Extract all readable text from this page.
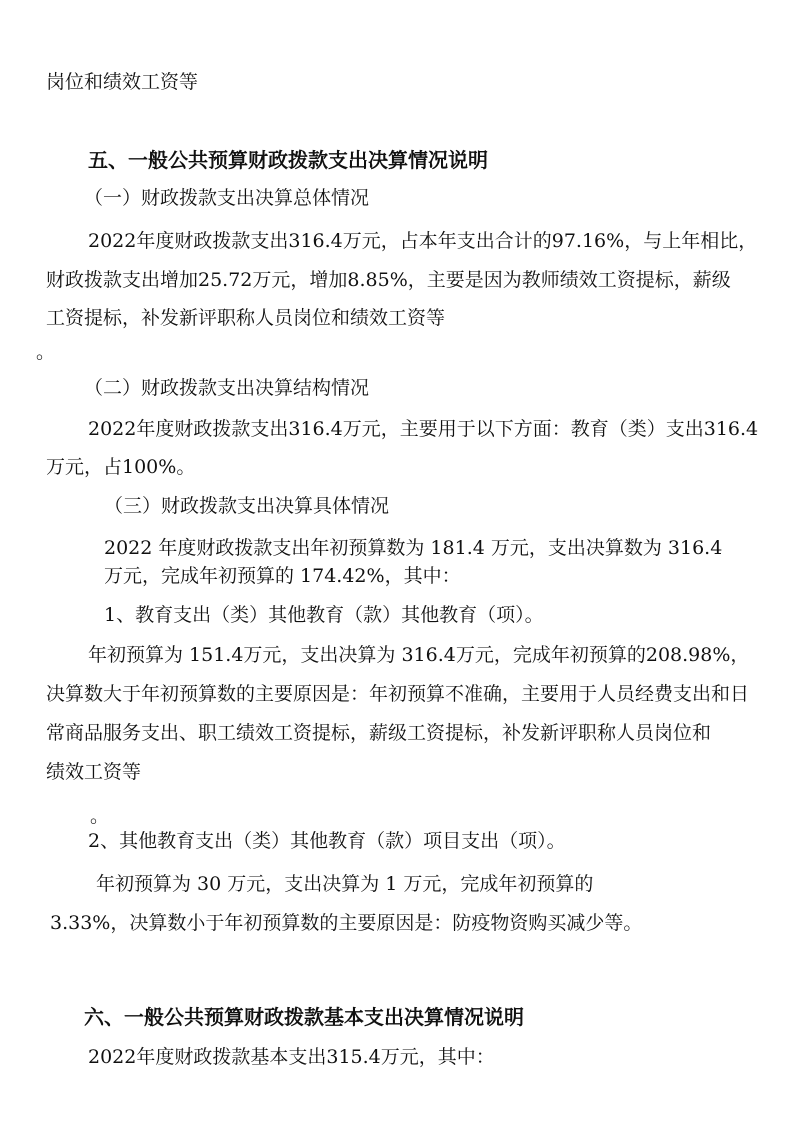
岗位和绩效工资等
五、一般公共预算财政拨款支出决算情况说明
（一）财政拨款支出决算总体情况
2022年度财政拨款支出316.4万元，占本年支出合计的97.16%，与上年相比，
财政拨款支出增加25.72万元，增加8.85%，主要是因为教师绩效工资提标，薪级
工资提标，补发新评职称人员岗位和绩效工资等
。
（二）财政拨款支出决算结构情况
2022年度财政拨款支出316.4万元，主要用于以下方面：教育（类）支出316.4
万元，占100%。
（三）财政拨款支出决算具体情况
2022 年度财政拨款支出年初预算数为 181.4 万元，支出决算数为 316.4
万元，完成年初预算的 174.42%，其中：
1、教育支出（类）其他教育（款）其他教育（项）。
年初预算为 151.4万元，支出决算为 316.4万元，完成年初预算的208.98%，
决算数大于年初预算数的主要原因是：年初预算不准确，主要用于人员经费支出和日
常商品服务支出、职工绩效工资提标，薪级工资提标，补发新评职称人员岗位和
绩效工资等
。
2、其他教育支出（类）其他教育（款）项目支出（项）。
年初预算为 30 万元，支出决算为 1 万元，完成年初预算的
3.33%，决算数小于年初预算数的主要原因是：防疫物资购买减少等。
六、一般公共预算财政拨款基本支出决算情况说明
2022年度财政拨款基本支出315.4万元，其中：
